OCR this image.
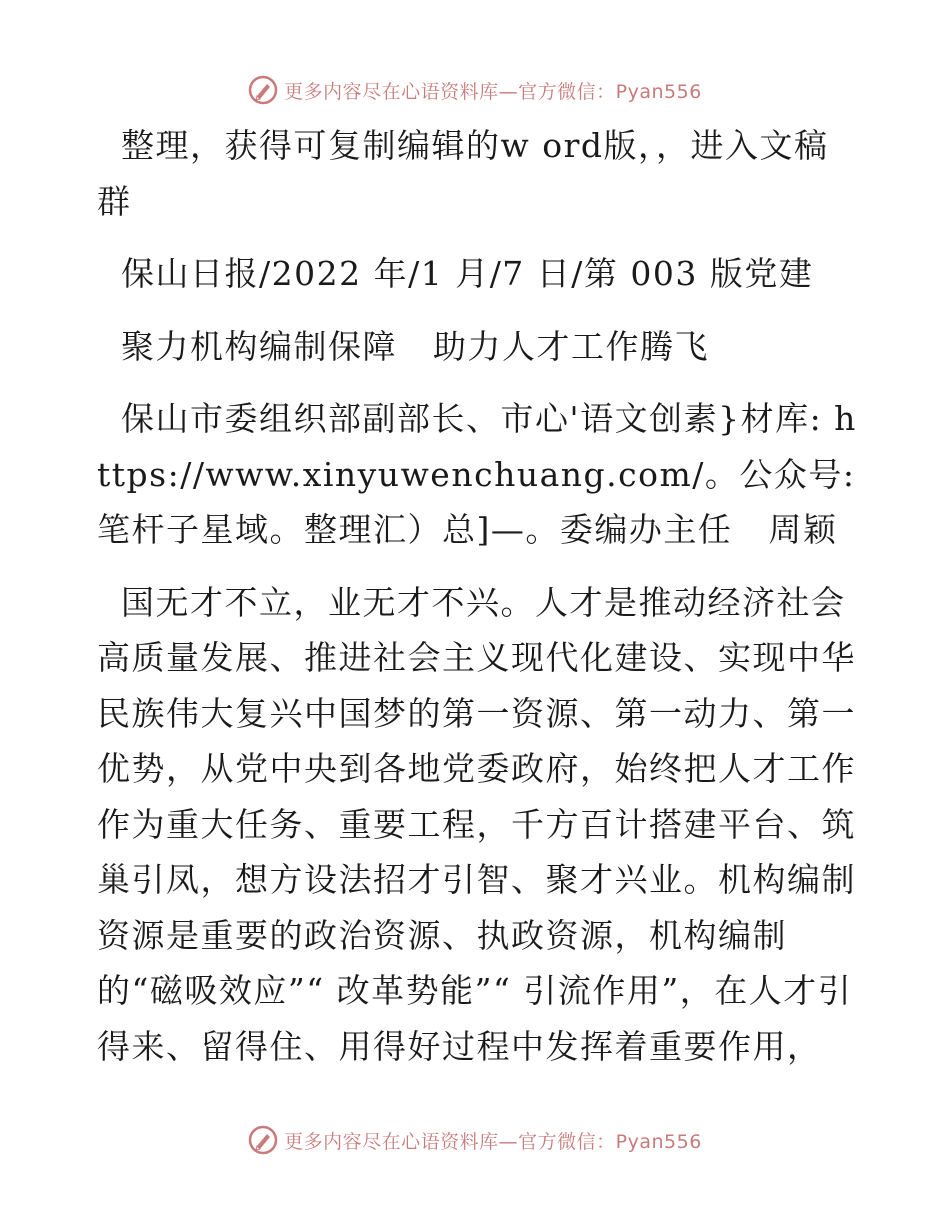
更多内容尽在心语资料库—官方微信：Pyan556

整理，获得可复制编辑的w ord版，，进入文稿群

保山日报/2022 年/1 月/7 日/第 003 版党建

聚力机构编制保障   助力人才工作腾飞

保山市委组织部副部长、市心'语文创素}材库: https://www.xinyuwenchuang.com/。公众号: 笔杆子星域。整理汇）总]—。委编办主任   周颖

国无才不立，业无才不兴。人才是推动经济社会高质量发展、推进社会主义现代化建设、实现中华民族伟大复兴中国梦的第一资源、第一动力、第一优势，从党中央到各地党委政府，始终把人才工作作为重大任务、重要工程，千方百计搭建平台、筑巢引凤，想方设法招才引智、聚才兴业。机构编制资源是重要的政治资源、执政资源，机构编制的“磁吸效应”“ 改革势能”“ 引流作用”，在人才引得来、留得住、用得好过程中发挥着重要作用，

更多内容尽在心语资料库—官方微信：Pyan556
